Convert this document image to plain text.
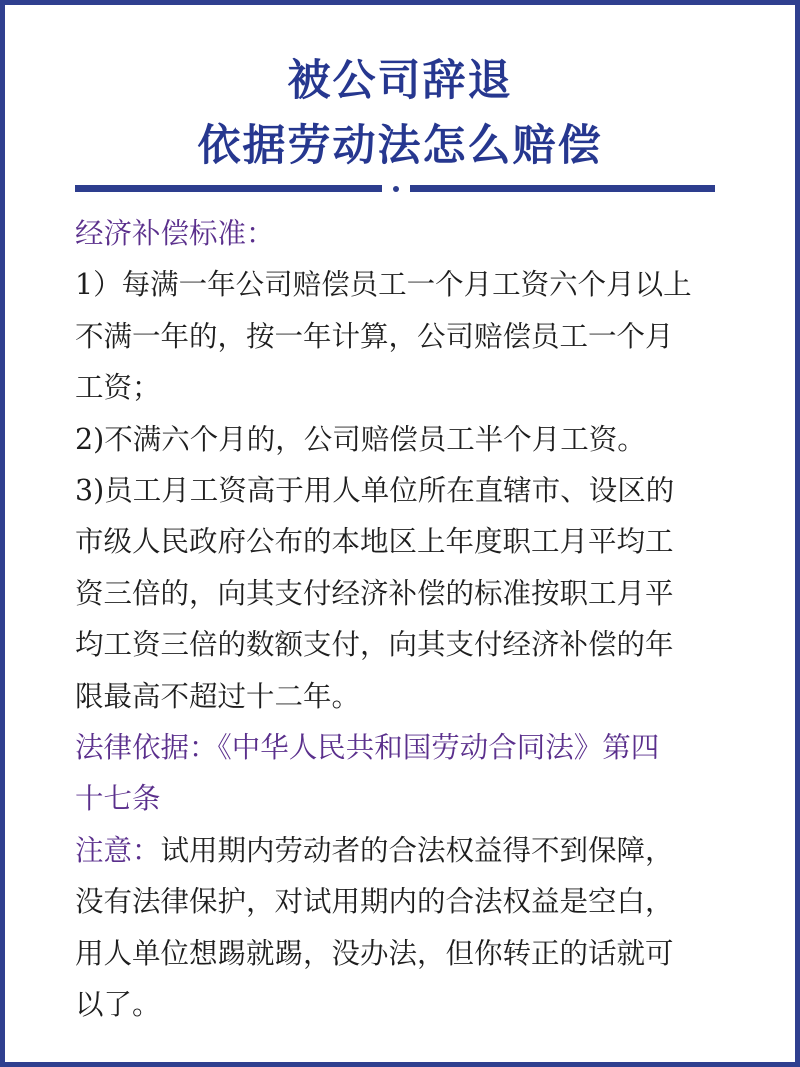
被公司辞退
依据劳动法怎么赔偿

经济补偿标准：

1）每满一年公司赔偿员工一个月工资六个月以上

不满一年的，按一年计算，公司赔偿员工一个月

工资；

2)不满六个月的，公司赔偿员工半个月工资。

3)员工月工资高于用人单位所在直辖市、设区的

市级人民政府公布的本地区上年度职工月平均工

资三倍的，向其支付经济补偿的标准按职工月平

均工资三倍的数额支付，向其支付经济补偿的年

限最高不超过十二年。

法律依据：《中华人民共和国劳动合同法》第四

十七条

注意：试用期内劳动者的合法权益得不到保障，

没有法律保护，对试用期内的合法权益是空白，

用人单位想踢就踢，没办法，但你转正的话就可

以了。
